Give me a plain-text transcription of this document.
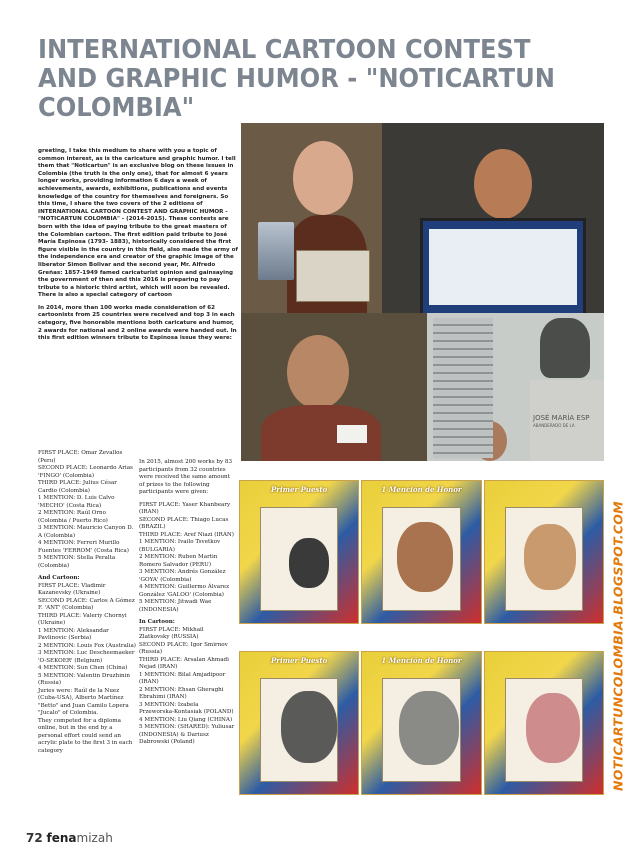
INTERNATIONAL CARTOON CONTEST
AND GRAPHIC HUMOR - "NOTICARTUN
COLOMBIA"

greeting, I take this medium to share with you a topic of common interest, as is the caricature and graphic humor. I tell them that "Noticartun" is an exclusive blog on these issues in Colombia (the truth is the only one), that for almost 6 years longer works, providing information 6 days a week of achievements, awards, exhibitions, publications and events knowledge of the country for themselves and foreigners. So this time, I share the two covers of the 2 editions of INTERNATIONAL CARTOON CONTEST AND GRAPHIC HUMOR - "NOTICARTUN COLOMBIA" - (2014-2015). These contests are born with the idea of paying tribute to the great masters of the Colombian cartoon. The first edition paid tribute to José María Espinosa (1793- 1883), historically considered the first figure visible in the country in this field, also made the army of the independence era and creator of the graphic image of the liberator Simon Bolivar and the second year, Mr. Alfredo Greñas: 1857-1949 famed caricaturist opinion and gainsaying the government of then and this 2016 is preparing to pay tribute to a historic third artist, which will soon be revealed. There is also a special category of cartoon

In 2014, more than 100 works made consideration of 62 cartoonists from 25 countries were received and top 3 in each category, five honorable mentions both caricature and humor, 2 awards for national and 2 online awards were handed out. In this first edition winners tribute to Espinosa issue they were:

FIRST PLACE: Omar Zevallos (Peru)
SECOND PLACE: Leonardo Arias 'FINGO' (Colombia)
THIRD PLACE: Julius César Cardio (Colombia)
1 MENTION: D. Luis Calvo 'MECHO' (Costa Rica)
2 MENTION: Raúl Orno (Colombia / Puerto Rico)
3 MENTION: Mauricio Canyon D. A (Colombia)
4 MENTION: Ferreri Murillo Fuentes 'FERROM' (Costa Rica)
5 MENTION: Stella Peralta (Colombia)
And Cartoon:
FIRST PLACE: Vladimir Kazanevsky (Ukraine)
SECOND PLACE: Carlos A Gómez F. 'ANT' (Colombia)
THIRD PLACE: Valeriy Chornyi (Ukraine)
1 MENTION: Aleksandar Pavlinovic (Serbia)
2 MENTION: Louis Fox (Australia)
3 MENTION: Luc Descheemaeker 'O-SEKOER' (Belgium)
4 MENTION: Sun Chen (China)
5 MENTION: Valentin Druzhinin (Russia)
Juries were: Raúl de la Nuez (Cuba-USA), Alberto Martínez "Betto" and Juan Camilo Lopera "Jucalo" of Colombia.
They competed for a diploma online, but in the end by a personal effort could send an acrylic plate to the first 3 in each category
In 2015, almost 200 works by 83 participants from 32 countries were received the same amount of prizes to the following participants were given:
FIRST PLACE: Yaser Khanbeary (IRAN)
SECOND PLACE: Thiago Lucas (BRAZIL)
THIRD PLACE: Aref Niazi (IRAN)
1 MENTION: Ivailo Tsvetkov (BULGARIA)
2 MENTION: Ruben Martin Romero Salvador (PERU)
3 MENTION: Andrés González 'GOYA' (Colombia)
4 MENTION: Guillermo Álvarez González 'GALOO' (Colombia)
5 MENTION: Jitwadi Wae (INDONESIA)
In Cartoon:
FIRST PLACE: Mikhail Zlatkovsky (RUSSIA)
SECOND PLACE: Igor Smirnov (Russia)
THIRD PLACE: Arsalan Ahmadi Nejad (IRAN)
1 MENTION: Bilal Amjadipoor (IRAN)
2 MENTION: Ehsan Gheraghi Ebrahimi (IRAN)
3 MENTION: Izabela Przeworska-Kontasiak (POLAND)
4 MENTION: Liu Qiang (CHINA)
5 MENTION: (SHARED): Yuliusar (INDONESIA) & Dariusz Dabrowski (Poland)
JOSÉ MARÍA ESP
ABANDERADO DE LA
Primer Puesto	1 Mención de Honor
Primer Puesto	1 Mención de Honor	NOTICARTUNCOLOMBIA.BLOGSPOT.COM
72 fenamizah
